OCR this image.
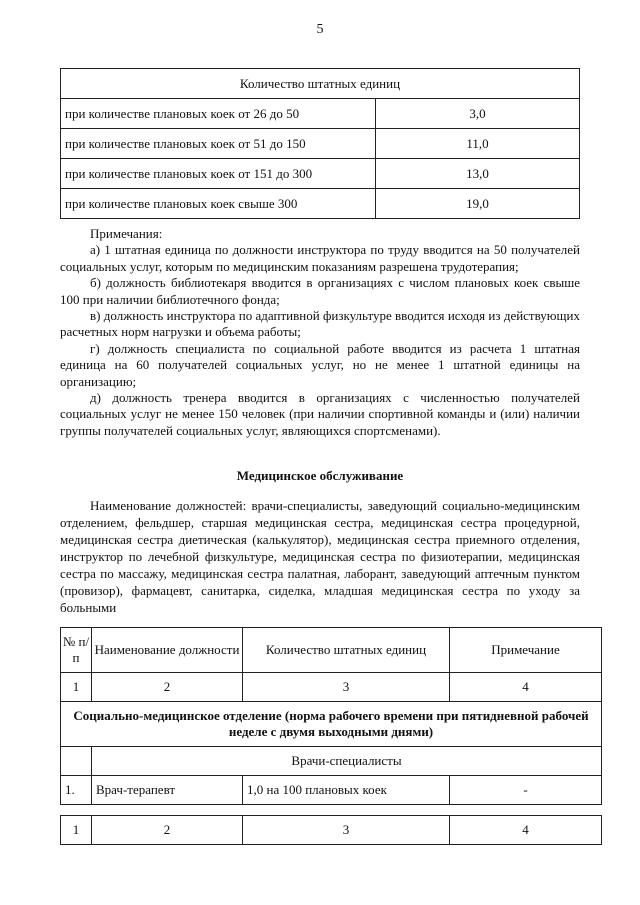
5
Количество штатных единиц	
при количестве плановых коек от 26 до 50	3,0
при количестве плановых коек от 51 до 150	11,0
при количестве плановых коек от 151 до 300	13,0
при количестве плановых коек свыше 300	19,0

Примечания:

а) 1 штатная единица по должности инструктора по труду вводится на 50 получателей социальных услуг, которым по медицинским показаниям разрешена трудотерапия;

б) должность библиотекаря вводится в организациях с числом плановых коек свыше 100 при наличии библиотечного фонда;

в) должность инструктора по адаптивной физкультуре вводится исходя из действующих расчетных норм нагрузки и объема работы;

г) должность специалиста по социальной работе вводится из расчета 1 штатная единица на 60 получателей социальных услуг, но не менее 1 штатной единицы на организацию;

д) должность тренера вводится в организациях с численностью получателей социальных услуг не менее 150 человек (при наличии спортивной команды и (или) наличии группы получателей социальных услуг, являющихся спортсменами).

Медицинское обслуживание

Наименование должностей: врачи-специалисты, заведующий социально-медицинским отделением, фельдшер, старшая медицинская сестра, медицинская сестра процедурной, медицинская сестра диетическая (калькулятор), медицинская сестра приемного отделения, инструктор по лечебной физкультуре, медицинская сестра по физиотерапии, медицинская сестра по массажу, медицинская сестра палатная, лаборант, заведующий аптечным пунктом (провизор), фармацевт, санитарка, сиделка, младшая медицинская сестра по уходу за больными

№ п/п	Наименование должности	Количество штатных единиц	Примечание
1	2	3	4
Социально-медицинское отделение (норма рабочего времени при пятидневной рабочей неделе с двумя выходными днями)			
	Врачи-специалисты		
1.	Врач-терапевт	1,0 на 100 плановых коек	-
1	2	3	4
